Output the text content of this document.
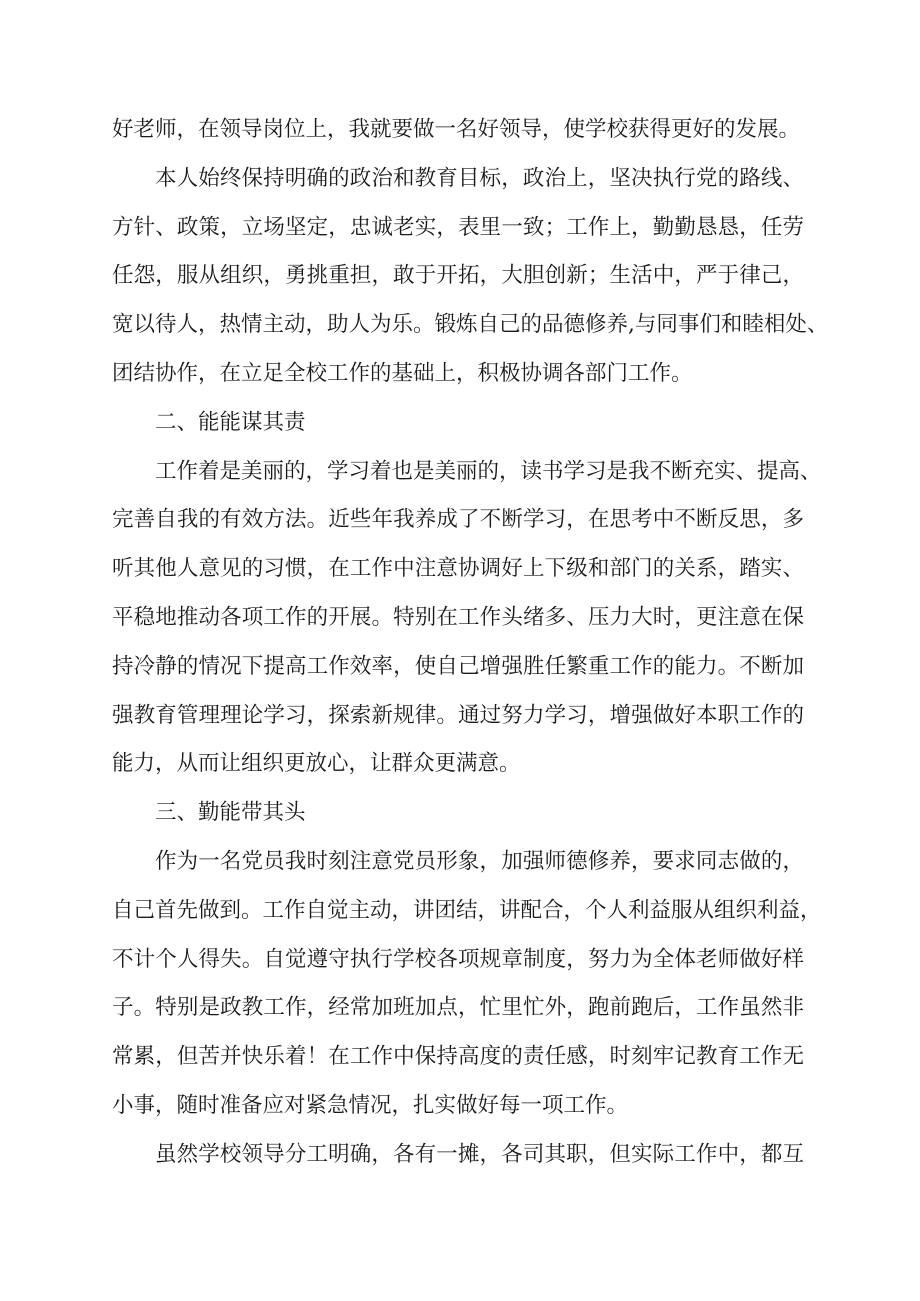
好老师，在领导岗位上，我就要做一名好领导，使学校获得更好的发展。
本人始终保持明确的政治和教育目标，政治上，坚决执行党的路线、
方针、政策，立场坚定，忠诚老实，表里一致；工作上，勤勤恳恳，任劳
任怨，服从组织，勇挑重担，敢于开拓，大胆创新；生活中，严于律己，
宽以待人，热情主动，助人为乐。锻炼自己的品德修养,与同事们和睦相处、
团结协作，在立足全校工作的基础上，积极协调各部门工作。
二、能能谋其责
工作着是美丽的，学习着也是美丽的，读书学习是我不断充实、提高、
完善自我的有效方法。近些年我养成了不断学习，在思考中不断反思，多
听其他人意见的习惯，在工作中注意协调好上下级和部门的关系，踏实、
平稳地推动各项工作的开展。特别在工作头绪多、压力大时，更注意在保
持冷静的情况下提高工作效率，使自己增强胜任繁重工作的能力。不断加
强教育管理理论学习，探索新规律。通过努力学习，增强做好本职工作的
能力，从而让组织更放心，让群众更满意。
三、勤能带其头
作为一名党员我时刻注意党员形象，加强师德修养，要求同志做的，
自己首先做到。工作自觉主动，讲团结，讲配合，个人利益服从组织利益，
不计个人得失。自觉遵守执行学校各项规章制度，努力为全体老师做好样
子。特别是政教工作，经常加班加点，忙里忙外，跑前跑后，工作虽然非
常累，但苦并快乐着！在工作中保持高度的责任感，时刻牢记教育工作无
小事，随时准备应对紧急情况，扎实做好每一项工作。
虽然学校领导分工明确，各有一摊，各司其职，但实际工作中，都互
